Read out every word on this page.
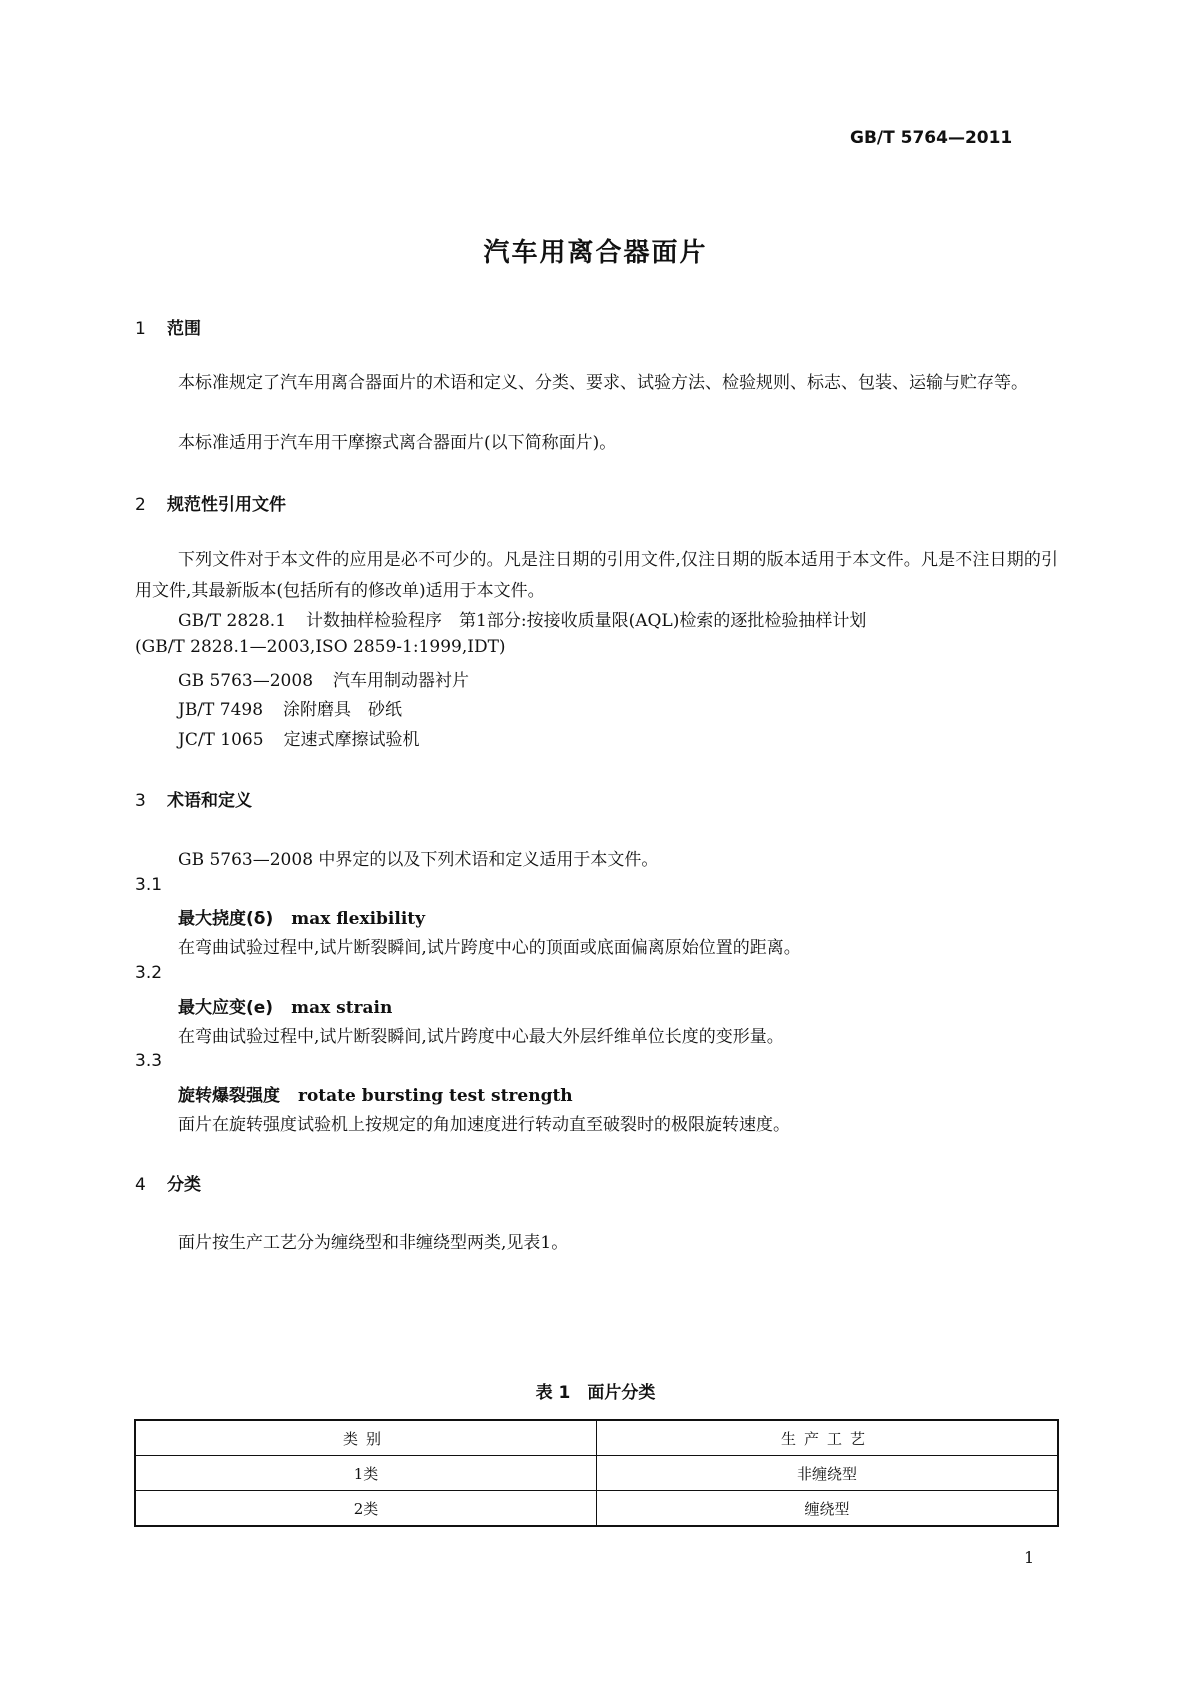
GB/T 5764—2011
汽车用离合器面片
1 范围
本标准规定了汽车用离合器面片的术语和定义、分类、要求、试验方法、检验规则、标志、包装、运输与贮存等。
本标准适用于汽车用干摩擦式离合器面片(以下简称面片)。
2 规范性引用文件
下列文件对于本文件的应用是必不可少的。凡是注日期的引用文件,仅注日期的版本适用于本文件。凡是不注日期的引用文件,其最新版本(包括所有的修改单)适用于本文件。
GB/T 2828.1 计数抽样检验程序　第1部分:按接收质量限(AQL)检索的逐批检验抽样计划
(GB/T 2828.1—2003,ISO 2859-1:1999,IDT)
GB 5763—2008 汽车用制动器衬片
JB/T 7498 涂附磨具　砂纸
JC/T 1065 定速式摩擦试验机
3 术语和定义
GB 5763—2008 中界定的以及下列术语和定义适用于本文件。
3.1
最大挠度(δ) max flexibility
在弯曲试验过程中,试片断裂瞬间,试片跨度中心的顶面或底面偏离原始位置的距离。
3.2
最大应变(e) max strain
在弯曲试验过程中,试片断裂瞬间,试片跨度中心最大外层纤维单位长度的变形量。
3.3
旋转爆裂强度 rotate bursting test strength
面片在旋转强度试验机上按规定的角加速度进行转动直至破裂时的极限旋转速度。
4 分类
面片按生产工艺分为缠绕型和非缠绕型两类,见表1。
表 1　面片分类
类别	生产工艺
1类	非缠绕型
2类	缠绕型
1
